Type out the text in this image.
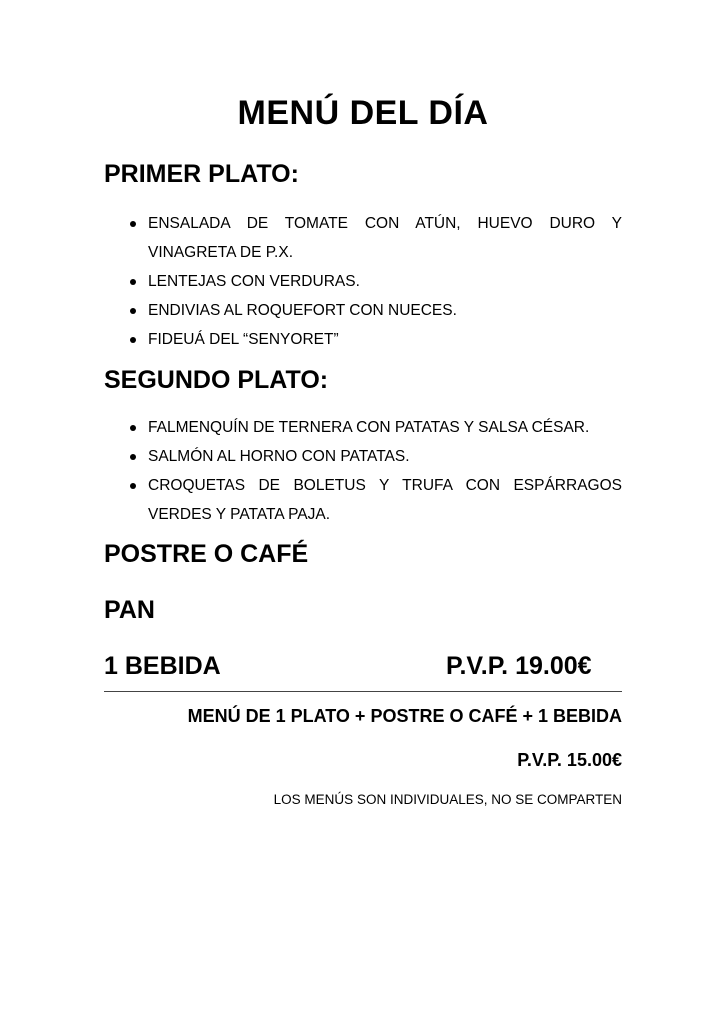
MENÚ DEL DÍA
PRIMER PLATO:
ENSALADA DE TOMATE CON ATÚN, HUEVO DURO Y VINAGRETA DE P.X.
LENTEJAS CON VERDURAS.
ENDIVIAS AL ROQUEFORT CON NUECES.
FIDEUÁ DEL “SENYORET”
SEGUNDO PLATO:
FALMENQUÍN DE TERNERA CON PATATAS Y SALSA CÉSAR.
SALMÓN AL HORNO CON PATATAS.
CROQUETAS DE BOLETUS Y TRUFA CON ESPÁRRAGOS VERDES Y PATATA PAJA.
POSTRE O CAFÉ
PAN
1 BEBIDA	P.V.P. 19.00€
MENÚ DE 1 PLATO + POSTRE O CAFÉ + 1 BEBIDA
P.V.P. 15.00€
LOS MENÚS SON INDIVIDUALES, NO SE COMPARTEN
